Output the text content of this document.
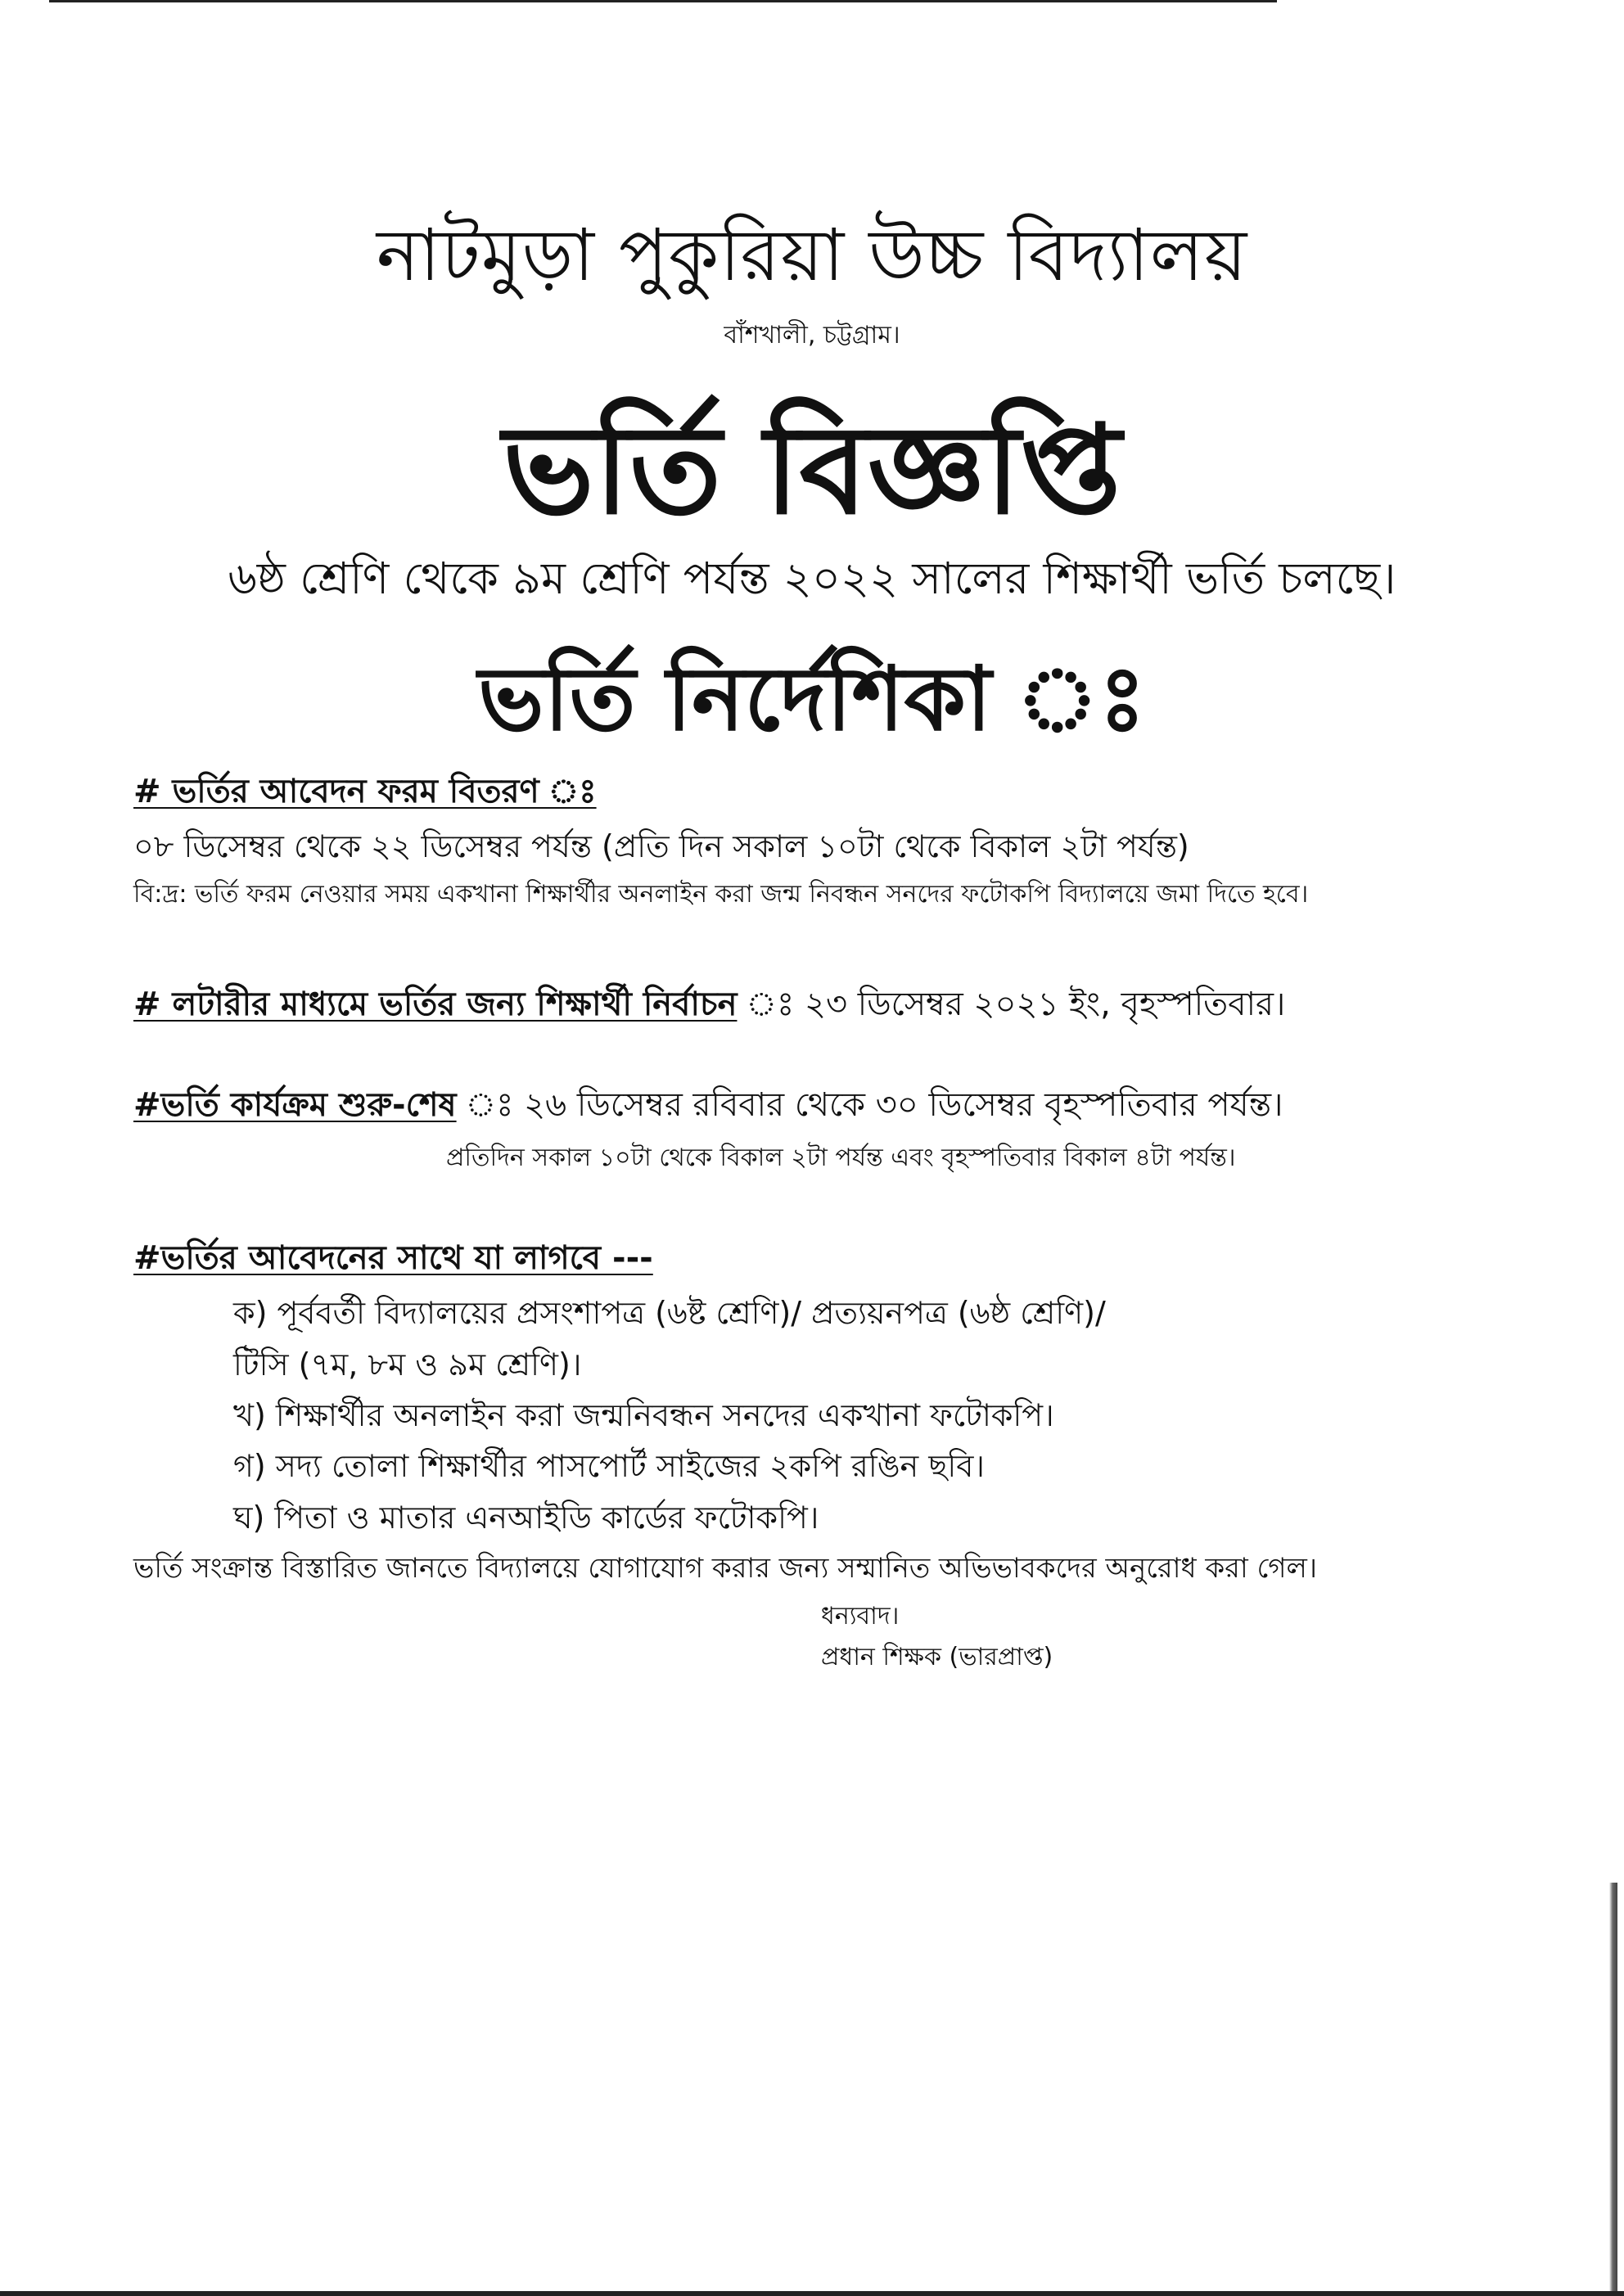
নাটমুড়া পুকুরিয়া উচ্চ বিদ্যালয়
বাঁশখালী, চট্টগ্রাম।
ভর্তি বিজ্ঞপ্তি
৬ষ্ঠ শ্রেণি থেকে ৯ম শ্রেণি পর্যন্ত ২০২২ সালের শিক্ষার্থী ভর্তি চলছে।
ভর্তি নির্দেশিকা ঃ
# ভর্তির আবেদন ফরম বিতরণ ঃ
০৮ ডিসেম্বর থেকে ২২ ডিসেম্বর পর্যন্ত (প্রতি দিন সকাল ১০টা থেকে বিকাল ২টা পর্যন্ত)
বি:দ্র: ভর্তি ফরম নেওয়ার সময় একখানা শিক্ষার্থীর অনলাইন করা জন্ম নিবন্ধন সনদের ফটোকপি বিদ্যালয়ে জমা দিতে হবে।
# লটারীর মাধ্যমে ভর্তির জন্য শিক্ষার্থী নির্বাচন ঃ ২৩ ডিসেম্বর ২০২১ ইং, বৃহস্পতিবার।
#ভর্তি কার্যক্রম শুরু-শেষ ঃ ২৬ ডিসেম্বর রবিবার থেকে ৩০ ডিসেম্বর বৃহস্পতিবার পর্যন্ত।
প্রতিদিন সকাল ১০টা থেকে বিকাল ২টা পর্যন্ত এবং বৃহস্পতিবার বিকাল ৪টা পর্যন্ত।
#ভর্তির আবেদনের সাথে যা লাগবে ---
ক) পূর্ববর্তী বিদ্যালয়ের প্রসংশাপত্র (৬ষ্ট শ্রেণি)/ প্রত্যয়নপত্র (৬ষ্ঠ শ্রেণি)/
টিসি (৭ম, ৮ম ও ৯ম শ্রেণি)।
খ) শিক্ষার্থীর অনলাইন করা জন্মনিবন্ধন সনদের একখানা ফটোকপি।
গ) সদ্য তোলা শিক্ষার্থীর পাসপোর্ট সাইজের ২কপি রঙিন ছবি।
ঘ) পিতা ও মাতার এনআইডি কার্ডের ফটোকপি।
ভর্তি সংক্রান্ত বিস্তারিত জানতে বিদ্যালয়ে যোগাযোগ করার জন্য সম্মানিত অভিভাবকদের অনুরোধ করা গেল।
ধন্যবাদ।
প্রধান শিক্ষক (ভারপ্রাপ্ত)
